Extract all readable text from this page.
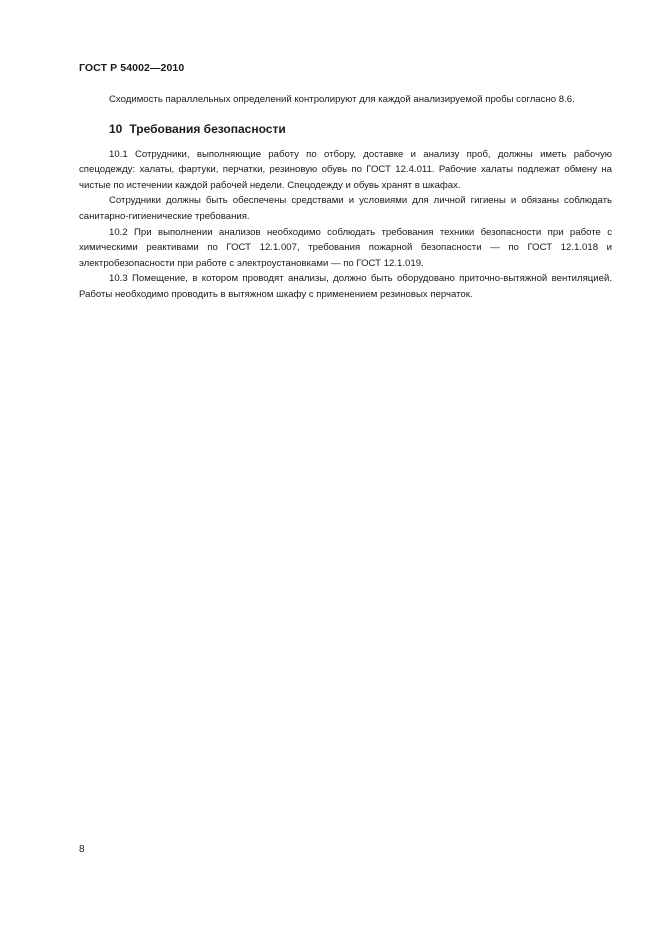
ГОСТ Р 54002—2010

Сходимость параллельных определений контролируют для каждой анализируемой пробы согласно 8.6.

10 Требования безопасности

10.1 Сотрудники, выполняющие работу по отбору, доставке и анализу проб, должны иметь рабочую спецодежду: халаты, фартуки, перчатки, резиновую обувь по ГОСТ 12.4.011. Рабочие халаты подлежат обмену на чистые по истечении каждой рабочей недели. Спецодежду и обувь хранят в шкафах.

Сотрудники должны быть обеспечены средствами и условиями для личной гигиены и обязаны соблюдать санитарно-гигиенические требования.

10.2 При выполнении анализов необходимо соблюдать требования техники безопасности при работе с химическими реактивами по ГОСТ 12.1.007, требования пожарной безопасности — по ГОСТ 12.1.018 и электробезопасности при работе с электроустановками — по ГОСТ 12.1.019.

10.3 Помещение, в котором проводят анализы, должно быть оборудовано приточно-вытяжной вентиляцией. Работы необходимо проводить в вытяжном шкафу с применением резиновых перчаток.

8
